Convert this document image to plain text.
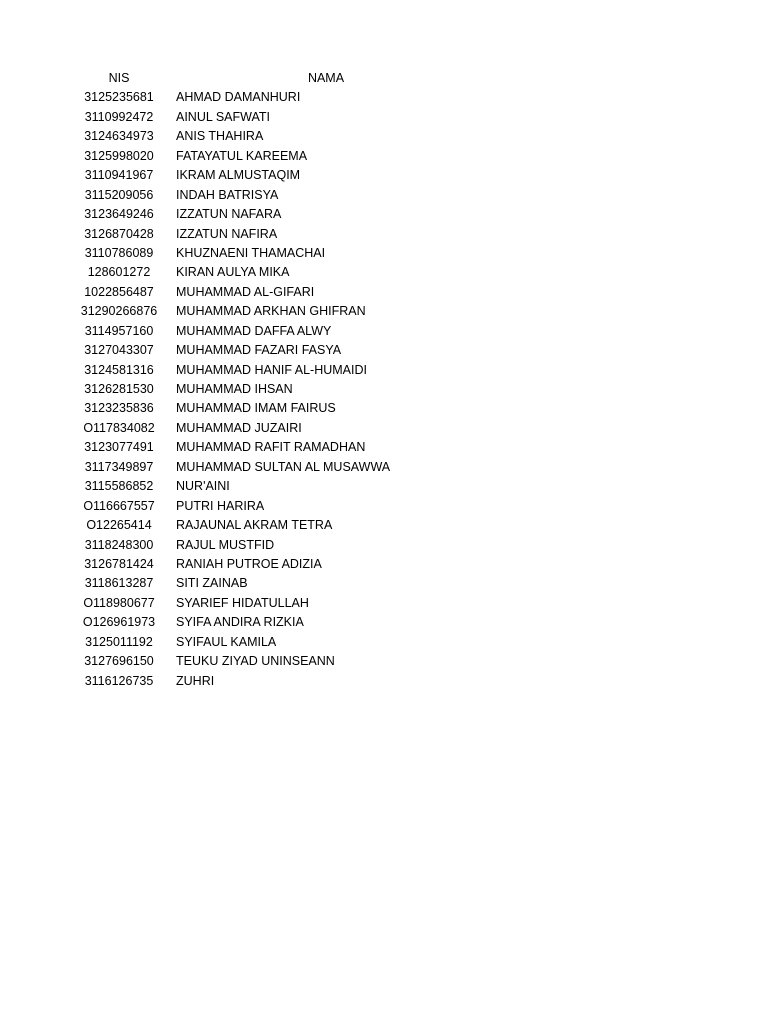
NIS	NAMA
3125235681	AHMAD DAMANHURI
3110992472	AINUL SAFWATI
3124634973	ANIS THAHIRA
3125998020	FATAYATUL KAREEMA
3110941967	IKRAM ALMUSTAQIM
3115209056	INDAH BATRISYA
3123649246	IZZATUN NAFARA
3126870428	IZZATUN NAFIRA
3110786089	KHUZNAENI THAMACHAI
128601272	KIRAN AULYA MIKA
1022856487	MUHAMMAD AL-GIFARI
31290266876	MUHAMMAD ARKHAN GHIFRAN
3114957160	MUHAMMAD DAFFA ALWY
3127043307	MUHAMMAD FAZARI FASYA
3124581316	MUHAMMAD HANIF AL-HUMAIDI
3126281530	MUHAMMAD IHSAN
3123235836	MUHAMMAD IMAM FAIRUS
O117834082	MUHAMMAD JUZAIRI
3123077491	MUHAMMAD RAFIT RAMADHAN
3117349897	MUHAMMAD SULTAN AL MUSAWWA
3115586852	NUR'AINI
O116667557	PUTRI HARIRA
O12265414	RAJAUNAL AKRAM TETRA
3118248300	RAJUL MUSTFID
3126781424	RANIAH PUTROE ADIZIA
3118613287	SITI ZAINAB
O118980677	SYARIEF HIDATULLAH
O126961973	SYIFA ANDIRA RIZKIA
3125011192	SYIFAUL KAMILA
3127696150	TEUKU ZIYAD UNINSEANN
3116126735	ZUHRI
